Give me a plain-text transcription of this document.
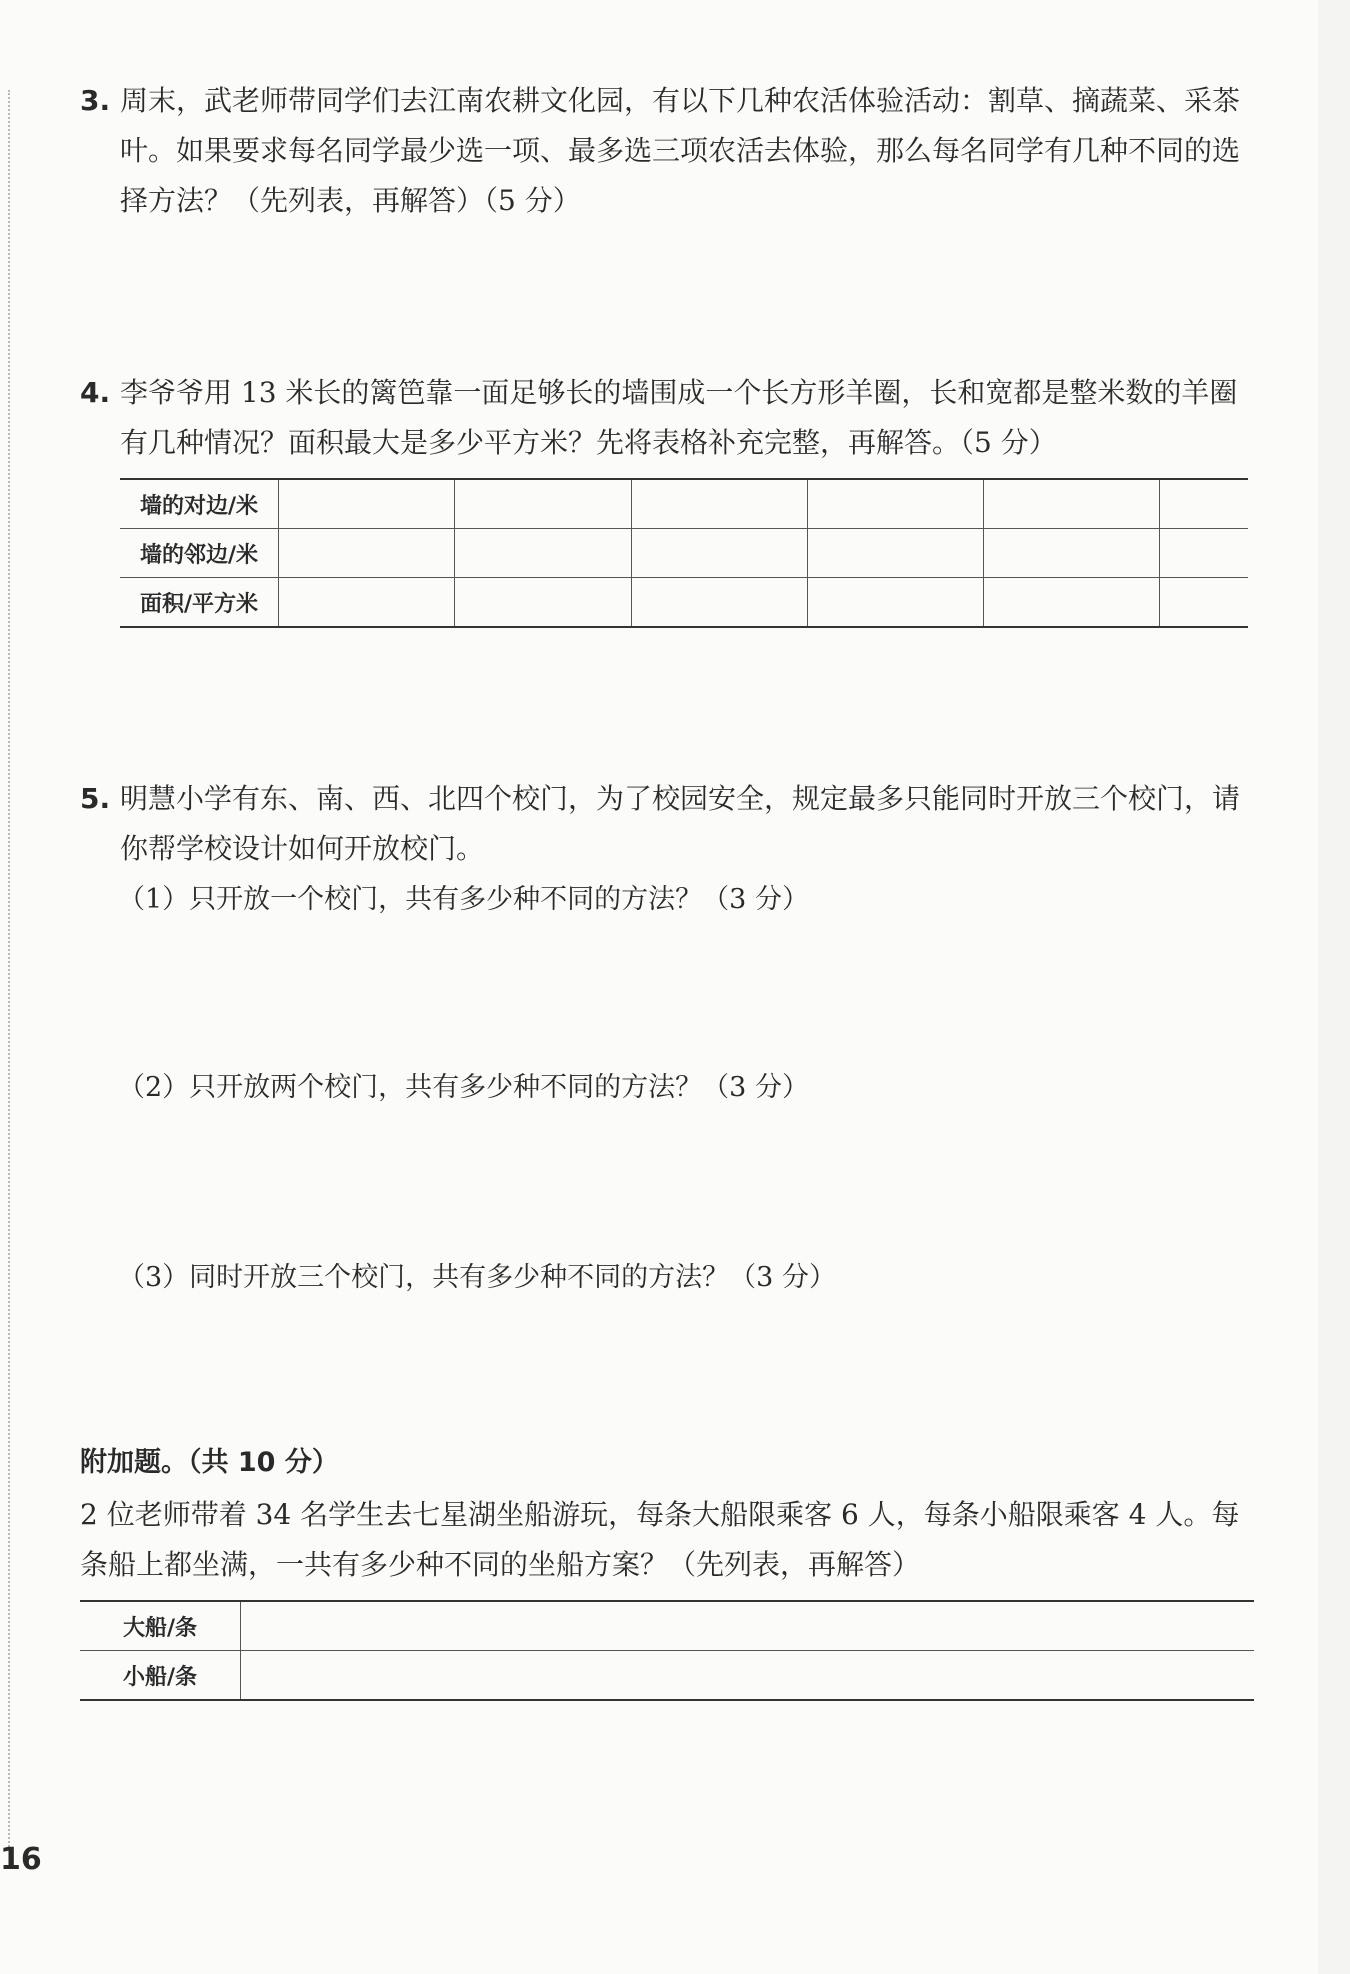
3. 周末，武老师带同学们去江南农耕文化园，有以下几种农活体验活动：割草、摘蔬菜、采茶叶。如果要求每名同学最少选一项、最多选三项农活去体验，那么每名同学有几种不同的选择方法？（先列表，再解答）（5 分）
4. 李爷爷用 13 米长的篱笆靠一面足够长的墙围成一个长方形羊圈，长和宽都是整米数的羊圈有几种情况？面积最大是多少平方米？先将表格补充完整，再解答。（5 分）
墙的对边/米						
墙的邻边/米						
面积/平方米						
5. 明慧小学有东、南、西、北四个校门，为了校园安全，规定最多只能同时开放三个校门，请你帮学校设计如何开放校门。
（1）只开放一个校门，共有多少种不同的方法？（3 分）
（2）只开放两个校门，共有多少种不同的方法？（3 分）
（3）同时开放三个校门，共有多少种不同的方法？（3 分）
附加题。（共 10 分）
2 位老师带着 34 名学生去七星湖坐船游玩，每条大船限乘客 6 人，每条小船限乘客 4 人。每条船上都坐满，一共有多少种不同的坐船方案？（先列表，再解答）
大船/条	
小船/条	
16
